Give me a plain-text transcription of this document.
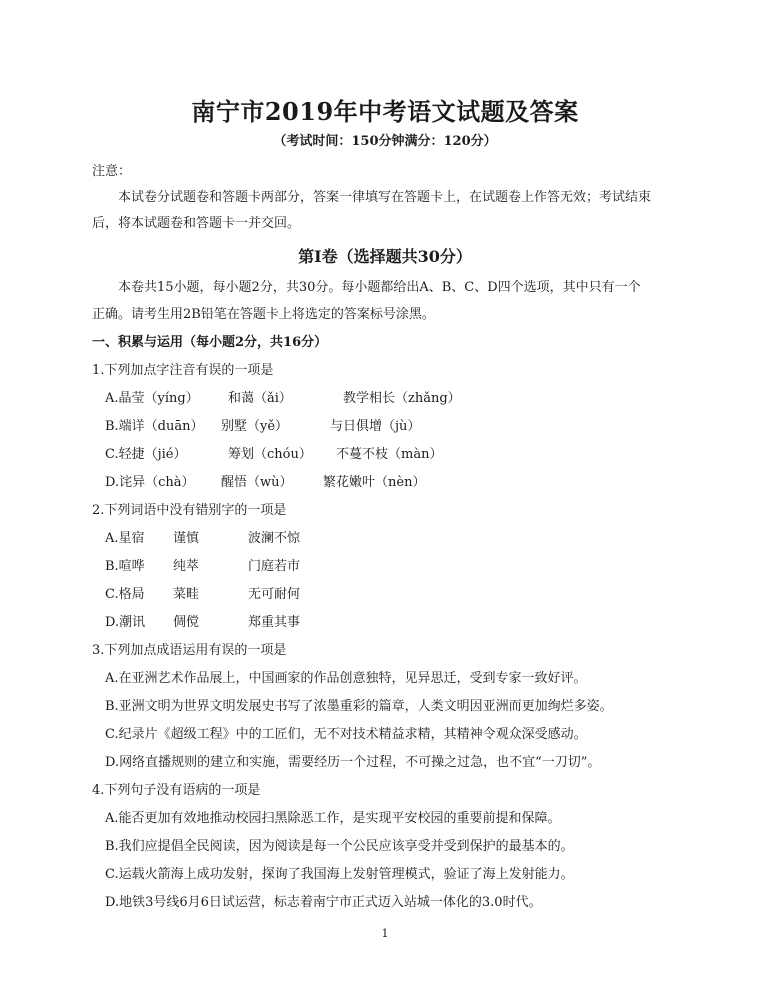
南宁市2019年中考语文试题及答案
（考试时间：150分钟满分：120分）
注意：
本试卷分试题卷和答题卡两部分，答案一律填写在答题卡上，在试题卷上作答无效；考试结束
后，将本试题卷和答题卡一并交回。
第Ⅰ卷（选择题共30分）
本卷共15小题，每小题2分，共30分。每小题都给出A、B、C、D四个选项，其中只有一个
正确。请考生用2B铅笔在答题卡上将选定的答案标号涂黑。
一、积累与运用（每小题2分，共16分）
1.下列加点字注音有误的一项是
A.晶莹（yíng） 和蔼（ǎi）	教学相长（zhǎng）
B.端详（duān） 别墅（yě）	与日俱增（jù）
C.轻捷（jié）	筹划（chóu） 不蔓不枝（màn）
D.诧异（chà） 醒悟（wù） 繁花嫩叶（nèn）
2.下列词语中没有错别字的一项是
A.星宿 谨慎	波澜不惊
B.喧哗 纯萃	门庭若市
C.格局 菜畦	无可耐何
D.潮讯 倜傥	郑重其事
3.下列加点成语运用有误的一项是
A.在亚洲艺术作品展上，中国画家的作品创意独特，见异思迁，受到专家一致好评。
B.亚洲文明为世界文明发展史书写了浓墨重彩的篇章，人类文明因亚洲而更加绚烂多姿。
C.纪录片《超级工程》中的工匠们，无不对技术精益求精，其精神令观众深受感动。
D.网络直播规则的建立和实施，需要经历一个过程，不可操之过急，也不宜“一刀切”。
4.下列句子没有语病的一项是
A.能否更加有效地推动校园扫黑除恶工作，是实现平安校园的重要前提和保障。
B.我们应提倡全民阅读，因为阅读是每一个公民应该享受并受到保护的最基本的。
C.运载火箭海上成功发射，探询了我国海上发射管理模式，验证了海上发射能力。
D.地铁3号线6月6日试运营，标志着南宁市正式迈入站城一体化的3.0时代。
1
